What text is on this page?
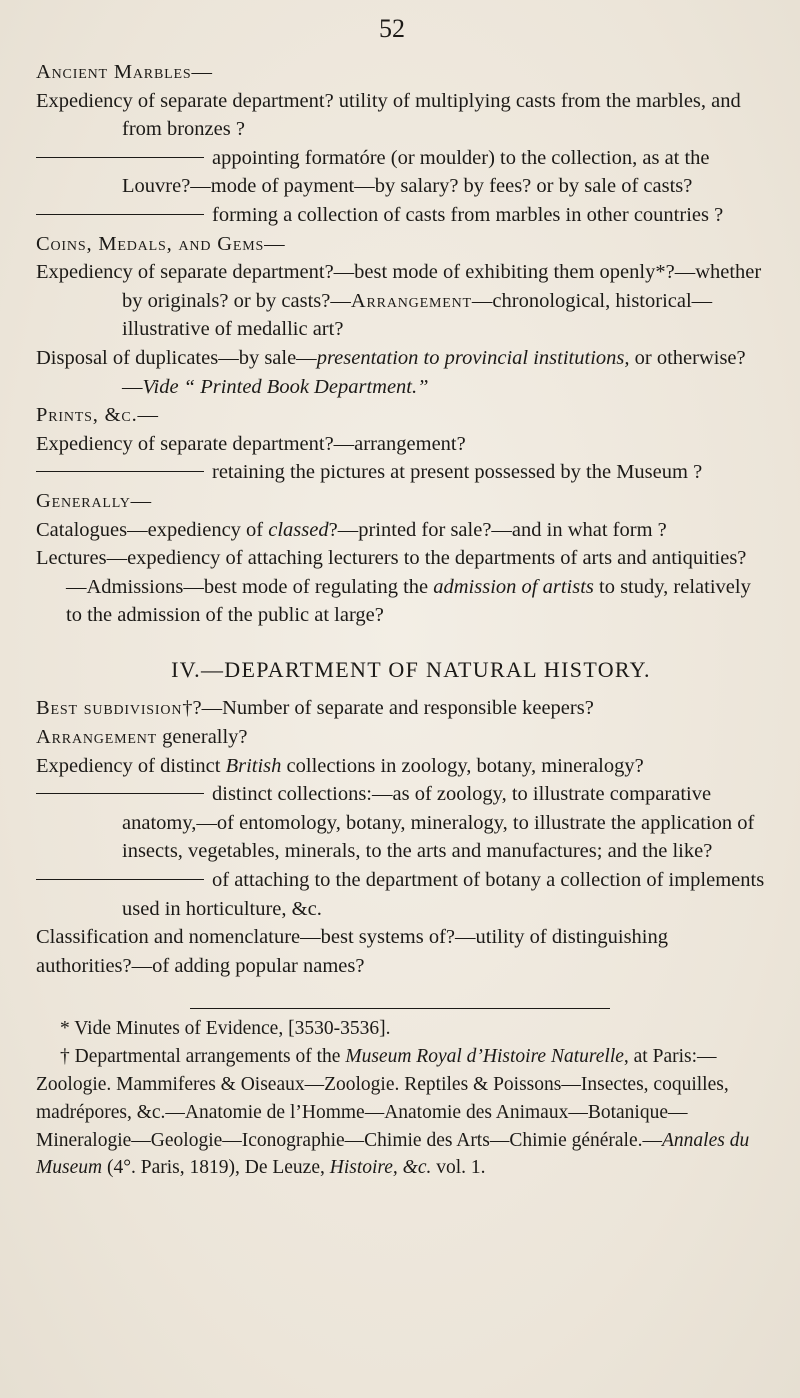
52

Ancient Marbles—

Expediency of separate department? utility of multiplying casts from the marbles, and from bronzes ?

appointing formatóre (or moulder) to the collection, as at the Louvre?—mode of payment—by salary? by fees? or by sale of casts?

forming a collection of casts from marbles in other countries ?

Coins, Medals, and Gems—

Expediency of separate department?—best mode of exhibiting them openly*?—whether by originals? or by casts?—Arrangement—chronological, historical—illustrative of medallic art?

Disposal of duplicates—by sale—presentation to provincial institutions, or otherwise?—Vide “ Printed Book Department.”

Prints, &c.—

Expediency of separate department?—arrangement?

retaining the pictures at present possessed by the Museum ?

Generally—

Catalogues—expediency of classed?—printed for sale?—and in what form ?

Lectures—expediency of attaching lecturers to the departments of arts and antiquities?—Admissions—best mode of regulating the admission of artists to study, relatively to the admission of the public at large?

IV.—DEPARTMENT OF NATURAL HISTORY.

Best subdivision†?—Number of separate and responsible keepers?

Arrangement generally?

Expediency of distinct British collections in zoology, botany, mineralogy?

distinct collections:—as of zoology, to illustrate comparative anatomy,—of entomology, botany, mineralogy, to illustrate the application of insects, vegetables, minerals, to the arts and manufactures; and the like?

of attaching to the department of botany a collection of implements used in horticulture, &c.

Classification and nomenclature—best systems of?—utility of distinguishing authorities?—of adding popular names?

* Vide Minutes of Evidence, [3530-3536].

† Departmental arrangements of the Museum Royal d’Histoire Naturelle, at Paris:—Zoologie. Mammiferes & Oiseaux—Zoologie. Reptiles & Poissons—Insectes, coquilles, madrépores, &c.—Anatomie de l’Homme—Anatomie des Animaux—Botanique—Mineralogie—Geologie—Iconographie—Chimie des Arts—Chimie générale.—Annales du Museum (4°. Paris, 1819), De Leuze, Histoire, &c. vol. 1.
